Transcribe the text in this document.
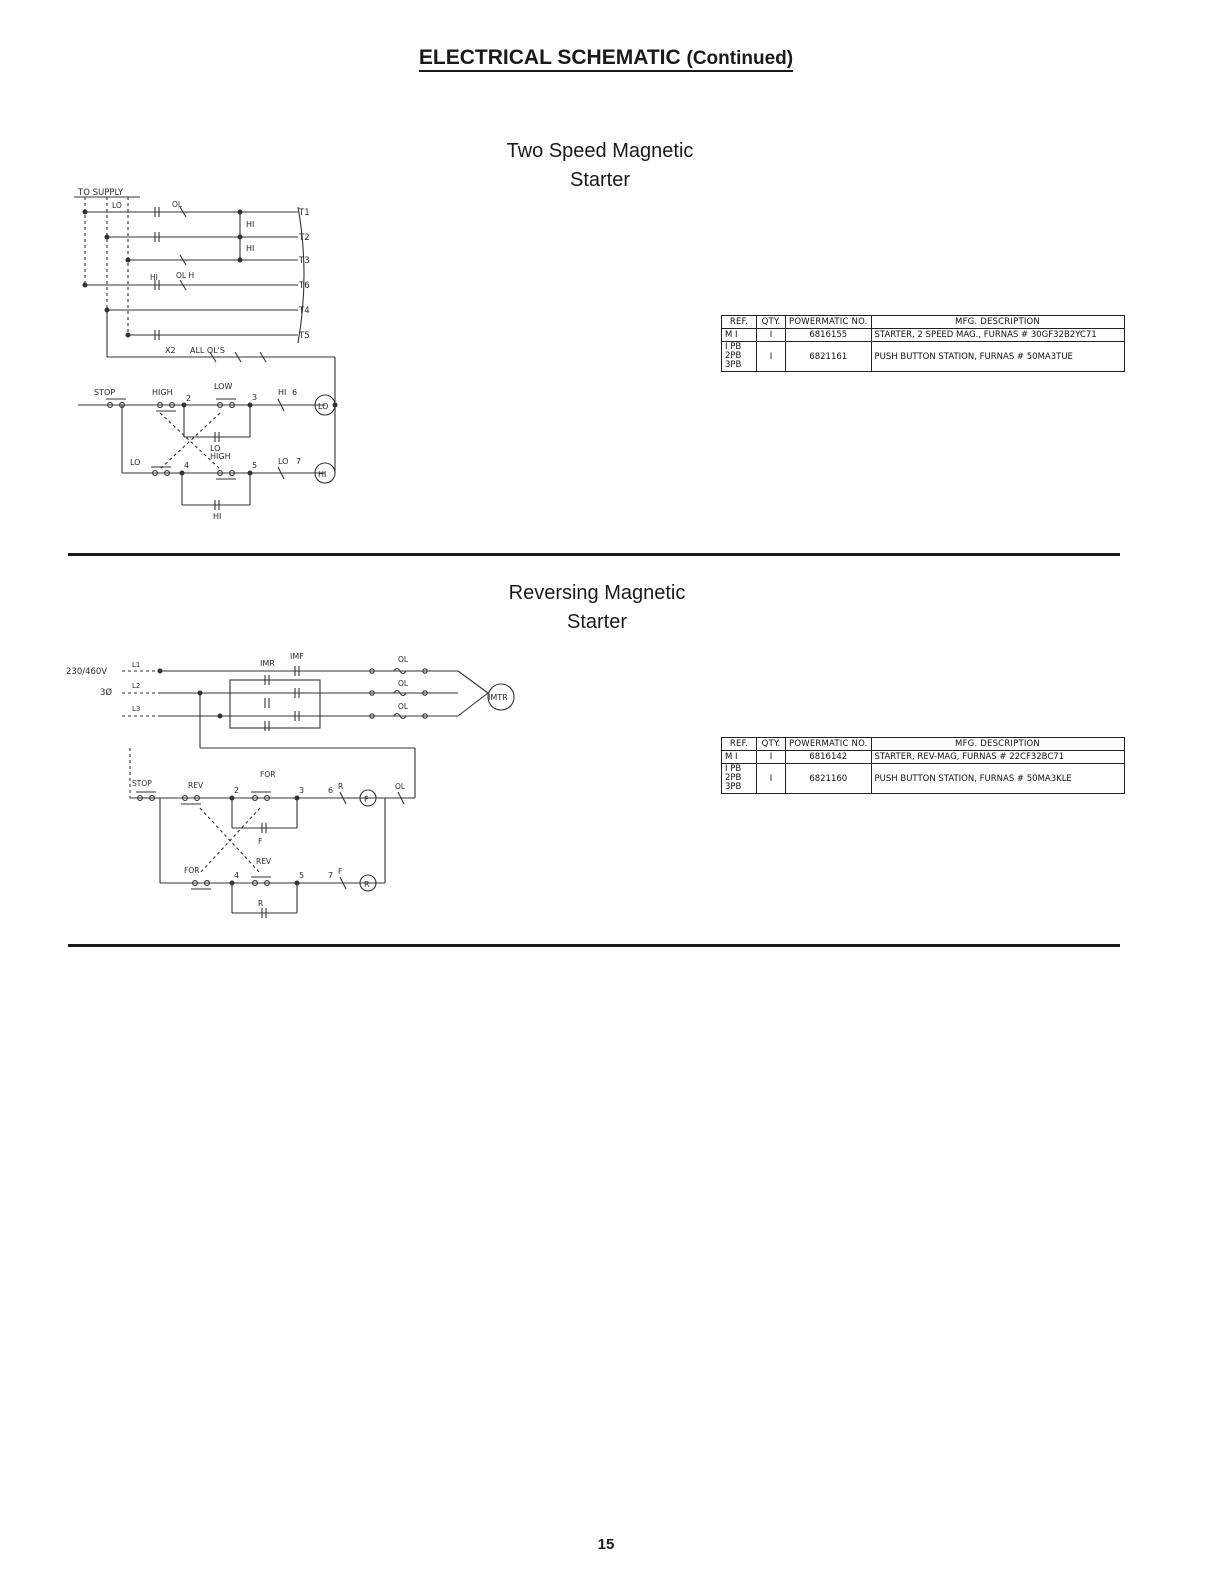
ELECTRICAL SCHEMATIC (Continued)
Two Speed Magnetic
Starter
TO SUPPLY
LO	OL
HI
HI
HI OL H
T1
T2
T3
T6
T4
T5
ALL OL'S
X2
STOP	HIGH
LOW
2	3
HI 6
LO
LO
HIGH
LO	4	5	LO 7
HI
HI
REF.	QTY.	POWERMATIC NO.	MFG. DESCRIPTION
M I	I	6816155	STARTER, 2 SPEED MAG., FURNAS # 30GF32B2YC71
I PB 2PB 3PB	I	6821161	PUSH BUTTON STATION, FURNAS # 50MA3TUE
Reversing Magnetic
Starter
230/460V
3Ø
L1
L2
L3
IMR
IMF	OL
OL
OL
IMTR
STOP	REV
FOR
2	3	6 R
F
OL
F
FOR
REV
4	5	7 F
R
R
REF.	QTY.	POWERMATIC NO.	MFG. DESCRIPTION
M I	I	6816142	STARTER, REV-MAG, FURNAS # 22CF32BC71
I PB 2PB 3PB	I	6821160	PUSH BUTTON STATION, FURNAS # 50MA3KLE
15
